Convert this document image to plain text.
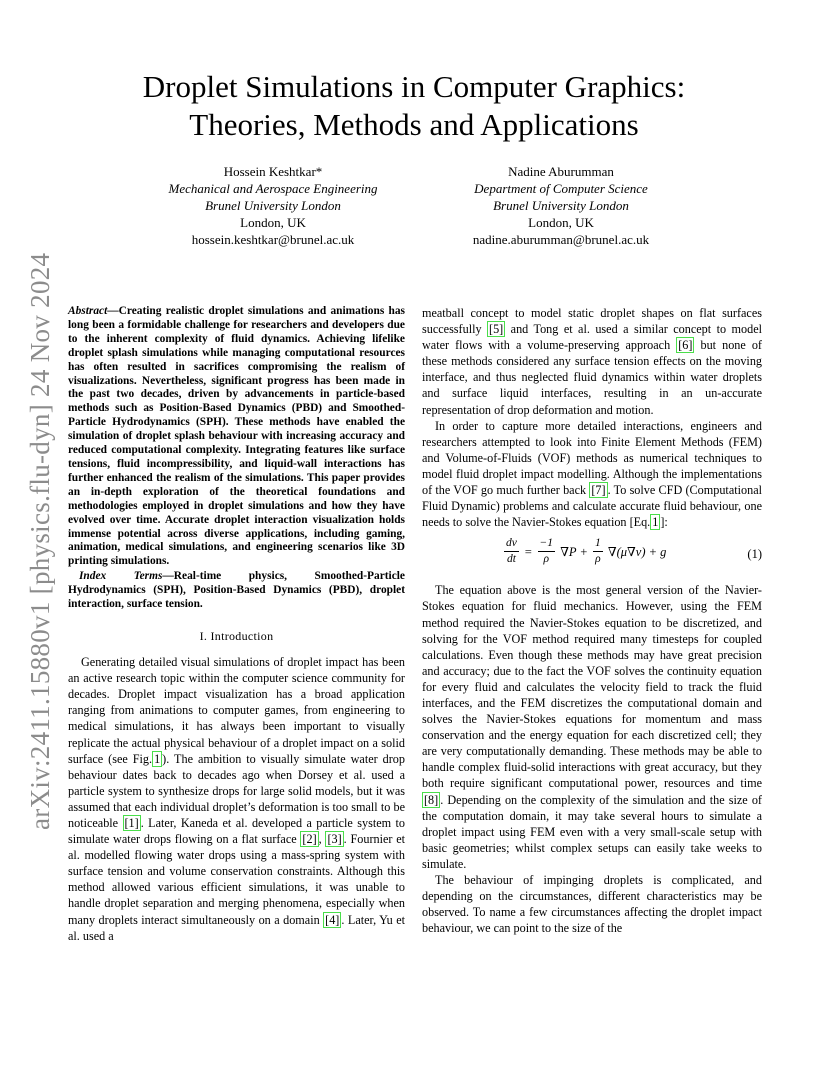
arXiv:2411.15880v1 [physics.flu-dyn] 24 Nov 2024
Droplet Simulations in Computer Graphics:
Theories, Methods and Applications
Hossein Keshtkar*
Mechanical and Aerospace Engineering
Brunel University London
London, UK
hossein.keshtkar@brunel.ac.uk
Nadine Aburumman
Department of Computer Science
Brunel University London
London, UK
nadine.aburumman@brunel.ac.uk
Abstract—Creating realistic droplet simulations and animations has long been a formidable challenge for researchers and developers due to the inherent complexity of fluid dynamics. Achieving lifelike droplet splash simulations while managing computational resources has often resulted in sacrifices compromising the realism of visualizations. Nevertheless, significant progress has been made in the past two decades, driven by advancements in particle-based methods such as Position-Based Dynamics (PBD) and Smoothed-Particle Hydrodynamics (SPH). These methods have enabled the simulation of droplet splash behaviour with increasing accuracy and reduced computational complexity. Integrating features like surface tensions, fluid incompressibility, and liquid-wall interactions has further enhanced the realism of the simulations. This paper provides an in-depth exploration of the theoretical foundations and methodologies employed in droplet simulations and how they have evolved over time. Accurate droplet interaction visualization holds immense potential across diverse applications, including gaming, animation, medical simulations, and engineering scenarios like 3D printing simulations.
Index Terms—Real-time physics, Smoothed-Particle Hydrodynamics (SPH), Position-Based Dynamics (PBD), droplet interaction, surface tension.
I. Introduction

Generating detailed visual simulations of droplet impact has been an active research topic within the computer science community for decades. Droplet impact visualization has a broad application ranging from animations to computer games, from engineering to medical simulations, it has always been important to visually replicate the actual physical behaviour of a droplet impact on a solid surface (see Fig. 1 ). The ambition to visually simulate water drop behaviour dates back to decades ago when Dorsey et al. used a particle system to synthesize drops for large solid models, but it was assumed that each individual droplet’s deformation is too small to be noticeable [1] . Later, Kaneda et al. developed a particle system to simulate water drops flowing on a flat surface [2] , [3] . Fournier et al. modelled flowing water drops using a mass-spring system with surface tension and volume conservation constraints. Although this method allowed various efficient simulations, it was unable to handle droplet separation and merging phenomena, especially when many droplets interact simultaneously on a domain [4] . Later, Yu et al. used a

meatball concept to model static droplet shapes on flat surfaces successfully [5] and Tong et al. used a similar concept to model water flows with a volume-preserving approach [6] but none of these methods considered any surface tension effects on the moving interface, and thus neglected fluid dynamics within water droplets and surface liquid interfaces, resulting in an un-accurate representation of drop deformation and motion.

In order to capture more detailed interactions, engineers and researchers attempted to look into Finite Element Methods (FEM) and Volume-of-Fluids (VOF) methods as numerical techniques to model fluid droplet impact modelling. Although the implementations of the VOF go much further back [7] . To solve CFD (Computational Fluid Dynamic) problems and calculate accurate fluid behaviour, one needs to solve the Navier-Stokes equation [Eq. 1 ]:

$\frac{dv}{dt} = \frac{-1}{\rho} \nabla P + \frac{1}{\rho} \nabla(\mu\nabla v) + g$	(1)

The equation above is the most general version of the Navier-Stokes equation for fluid mechanics. However, using the FEM method required the Navier-Stokes equation to be discretized, and solving for the VOF method required many timesteps for coupled calculations. Even though these methods may have great precision and accuracy; due to the fact the VOF solves the continuity equation for every fluid and calculates the velocity field to track the fluid interfaces, and the FEM discretizes the computational domain and solves the Navier-Stokes equations for momentum and mass conservation and the energy equation for each discretized cell; they are very computationally demanding. These methods may be able to handle complex fluid-solid interactions with great accuracy, but they both require significant computational power, resources and time [8] . Depending on the complexity of the simulation and the size of the computation domain, it may take several hours to simulate a droplet impact using FEM even with a very small-scale setup with basic geometries; whilst complex setups can easily take weeks to simulate.

The behaviour of impinging droplets is complicated, and depending on the circumstances, different characteristics may be observed. To name a few circumstances affecting the droplet impact behaviour, we can point to the size of the
